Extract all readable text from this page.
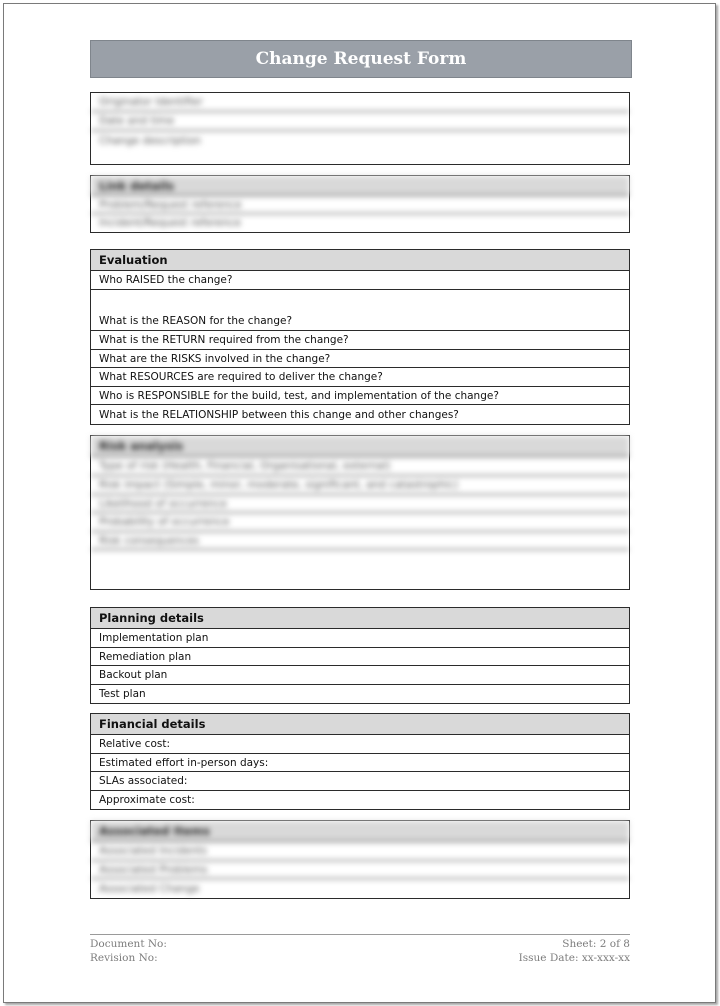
Change Request Form
Originator Identifier
Date and time
Change description
Link details
Problem/Request reference
Incident/Request reference
Evaluation
Who RAISED the change?
What is the REASON for the change?
What is the RETURN required from the change?
What are the RISKS involved in the change?
What RESOURCES are required to deliver the change?
Who is RESPONSIBLE for the build, test, and implementation of the change?
What is the RELATIONSHIP between this change and other changes?
Risk analysis
Type of risk (Health, Financial, Organisational, external)
Risk impact (Simple, minor, moderate, significant, and catastrophic)
Likelihood of occurrence
Probability of occurrence
Risk consequences
Planning details
Implementation plan
Remediation plan
Backout plan
Test plan
Financial details
Relative cost:
Estimated effort in-person days:
SLAs associated:
Approximate cost:
Associated Items
Associated Incidents
Associated Problems
Associated Change
Document No:	Sheet: 2 of 8
Revision No:	Issue Date: xx-xxx-xx
